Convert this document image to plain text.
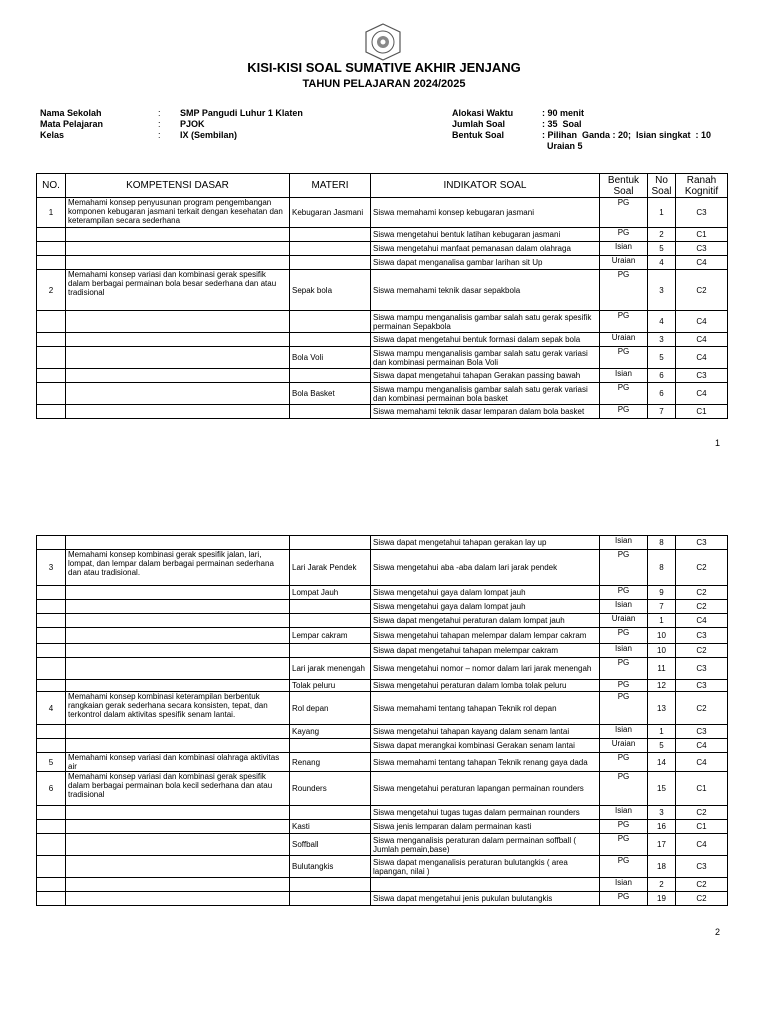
KISI-KISI SOAL SUMATIVE AKHIR JENJANG
TAHUN PELAJARAN 2024/2025
Nama Sekolah	:	SMP Pangudi Luhur 1 Klaten
Mata Pelajaran	:	PJOK
Kelas	:	IX (Sembilan)
Alokasi Waktu	: 90 menit
Jumlah Soal	: 35  Soal
Bentuk Soal	: Pilihan  Ganda : 20;  Isian singkat  : 10
Uraian 5
NO.	KOMPETENSI DASAR	MATERI	INDIKATOR SOAL	Bentuk Soal	No Soal	Ranah Kognitif
1	Memahami konsep penyusunan program pengembangan komponen kebugaran jasmani terkait dengan kesehatan dan keterampilan secara sederhana	Kebugaran Jasmani	Siswa memahami konsep kebugaran jasmani	PG	1	C3
			Siswa mengetahui bentuk latihan kebugaran jasmani	PG	2	C1
			Siswa mengetahui manfaat pemanasan dalam olahraga	Isian	5	C3
			Siswa dapat menganalisa gambar larihan sit Up	Uraian	4	C4
2	Memahami konsep variasi dan kombinasi gerak spesifik dalam berbagai permainan bola besar sederhana dan atau tradisional	Sepak bola	Siswa memahami teknik dasar sepakbola	PG	3	C2
			Siswa mampu menganalisis gambar salah satu gerak spesifik permainan Sepakbola	PG	4	C4
			Siswa dapat mengetahui bentuk formasi dalam sepak bola	Uraian	3	C4
		Bola Voli	Siswa mampu menganalisis gambar salah satu gerak variasi dan kombinasi permainan Bola Voli	PG	5	C4
			Siswa dapat mengetahui tahapan Gerakan passing bawah	Isian	6	C3
		Bola Basket	Siswa mampu menganalisis gambar salah satu gerak variasi dan kombinasi permainan bola basket	PG	6	C4
			Siswa memahami teknik dasar lemparan dalam bola basket	PG	7	C1
1
			Siswa dapat mengetahui tahapan gerakan lay up	Isian	8	C3
3	Memahami konsep kombinasi gerak spesifik jalan, lari, lompat, dan lempar dalam berbagai permainan sederhana dan atau tradisional.	Lari Jarak Pendek	Siswa mengetahui aba -aba dalam lari jarak pendek	PG	8	C2
		Lompat Jauh	Siswa mengetahui gaya dalam lompat jauh	PG	9	C2
			Siswa mengetahui gaya dalam lompat jauh	Isian	7	C2
			Siswa dapat mengetahui peraturan dalam lompat jauh	Uraian	1	C4
		Lempar cakram	Siswa mengetahui tahapan melempar dalam lempar cakram	PG	10	C3
			Siswa dapat mengetahui tahapan melempar cakram	Isian	10	C2
		Lari jarak menengah	Siswa mengetahui nomor – nomor dalam lari jarak menengah	PG	11	C3
		Tolak peluru	Siswa mengetahui peraturan dalam lomba tolak peluru	PG	12	C3
4	Memahami konsep kombinasi keterampilan berbentuk rangkaian gerak sederhana secara konsisten, tepat, dan terkontrol dalam aktivitas spesifik senam lantai.	Rol depan	Siswa memahami tentang tahapan Teknik rol depan	PG	13	C2
		Kayang	Siswa mengetahui tahapan kayang dalam senam lantai	Isian	1	C3
			Siswa dapat merangkai kombinasi Gerakan senam lantai	Uraian	5	C4
5	Memahami konsep variasi dan kombinasi olahraga aktivitas air	Renang	Siswa memahami tentang tahapan Teknik renang gaya dada	PG	14	C4
6	Memahami konsep variasi dan kombinasi gerak spesifik dalam berbagai permainan bola kecil sederhana dan atau tradisional	Rounders	Siswa mengetahui peraturan lapangan permainan rounders	PG	15	C1
			Siswa mengetahui tugas tugas dalam permainan rounders	Isian	3	C2
		Kasti	Siswa jenis lemparan dalam permainan kasti	PG	16	C1
		Soffball	Siswa menganalisis peraturan dalam permainan soffball ( Jumlah pemain,base)	PG	17	C4
		Bulutangkis	Siswa dapat menganalisis peraturan bulutangkis ( area lapangan, nilai )	PG	18	C3
				Isian	2	C2
			Siswa dapat mengetahui jenis pukulan bulutangkis	PG	19	C2
2
